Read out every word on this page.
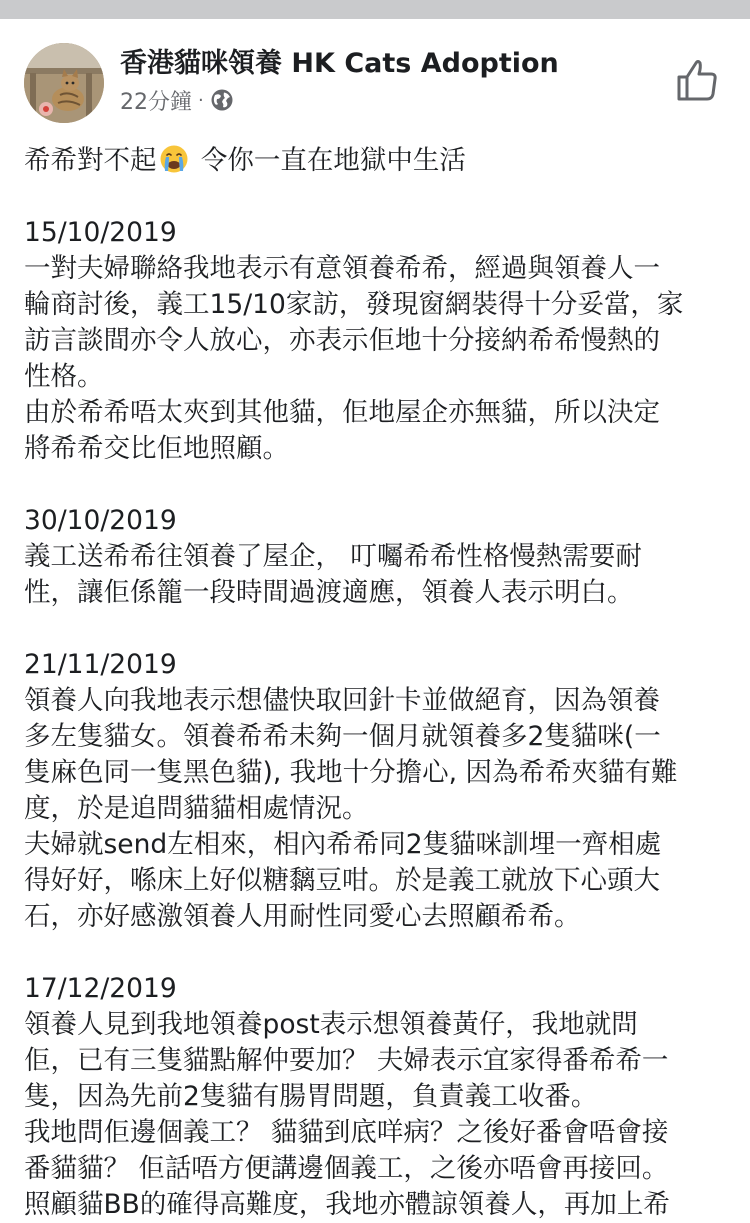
香港貓咪領養 HK Cats Adoption
22分鐘 ·
希希對不起 令你一直在地獄中生活
15/10/2019
一對夫婦聯絡我地表示有意領養希希，經過與領養人一
輪商討後，義工15/10家訪，發現窗網裝得十分妥當，家
訪言談間亦令人放心，亦表示佢地十分接納希希慢熱的
性格。
由於希希唔太夾到其他貓，佢地屋企亦無貓，所以決定
將希希交比佢地照顧。
30/10/2019
義工送希希往領養了屋企， 叮囑希希性格慢熱需要耐
性，讓佢係籠一段時間過渡適應，領養人表示明白。
21/11/2019
領養人向我地表示想儘快取回針卡並做絕育，因為領養
多左隻貓女。領養希希未夠一個月就領養多2隻貓咪(一
隻麻色同一隻黑色貓), 我地十分擔心, 因為希希夾貓有難
度，於是追問貓貓相處情況。
夫婦就send左相來，相內希希同2隻貓咪訓埋一齊相處
得好好，喺床上好似糖黐豆咁。於是義工就放下心頭大
石，亦好感激領養人用耐性同愛心去照顧希希。
17/12/2019
領養人見到我地領養post表示想領養黃仔，我地就問
佢，已有三隻貓點解仲要加？ 夫婦表示宜家得番希希一
隻，因為先前2隻貓有腸胃問題，負責義工收番。
我地問佢邊個義工？ 貓貓到底咩病？之後好番會唔會接
番貓貓？ 佢話唔方便講邊個義工，之後亦唔會再接回。
照顧貓BB的確得高難度，我地亦體諒領養人，再加上希
